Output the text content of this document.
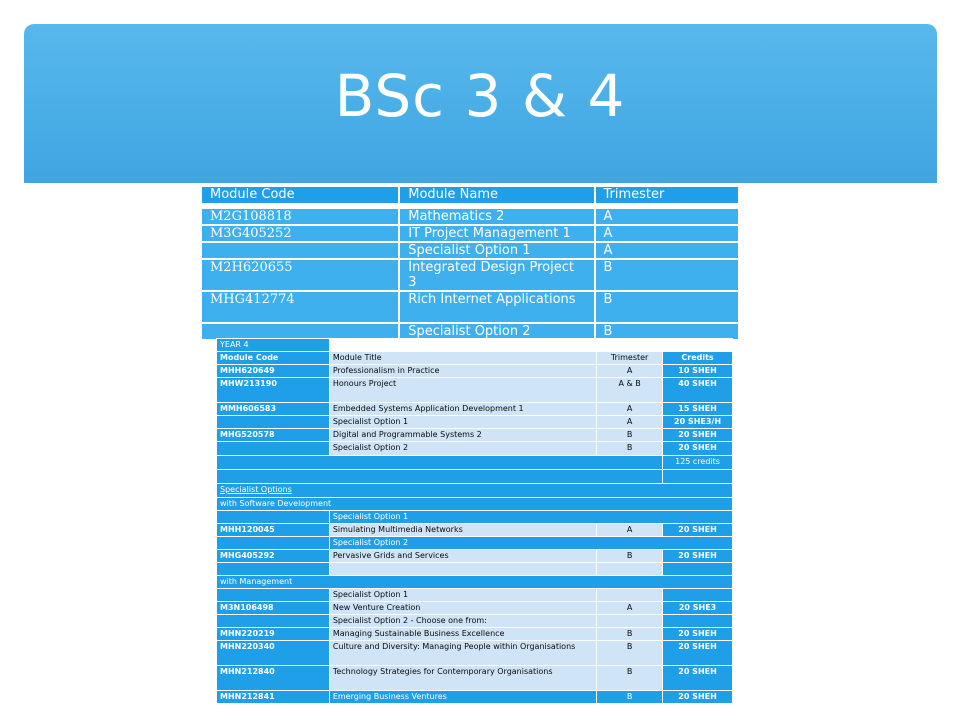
BSc 3 & 4
Module Code	Module Name	Trimester

M2G108818	Mathematics 2	A
M3G405252	IT Project Management 1	A
	Specialist Option 1	A
M2H620655	Integrated Design Project 3	B
MHG412774	Rich Internet Applications	B
	Specialist Option 2	B
YEAR 4			
Module Code	Module Title	Trimester	Credits
MHH620649	Professionalism in Practice	A	10 SHEH
MHW213190	Honours Project	A & B	40 SHEH
MMH606583	Embedded Systems Application Development 1	A	15 SHEH
	Specialist Option 1	A	20 SHE3/H
MHG520578	Digital and Programmable Systems 2	B	20 SHEH
	Specialist Option 2	B	20 SHEH
			125 credits

Specialist Options			
with Software Development			
	Specialist Option 1		
MHH120045	Simulating Multimedia Networks	A	20 SHEH
	Specialist Option 2		
MHG405292	Pervasive Grids and Services	B	20 SHEH

with Management			
	Specialist Option 1		
M3N106498	New Venture Creation	A	20 SHE3
	Specialist Option 2 - Choose one from:		
MHN220219	Managing Sustainable Business Excellence	B	20 SHEH
MHN220340	Culture and Diversity: Managing People within Organisations	B	20 SHEH
MHN212840	Technology Strategies for Contemporary Organisations	B	20 SHEH
MHN212841	Emerging Business Ventures	B	20 SHEH
